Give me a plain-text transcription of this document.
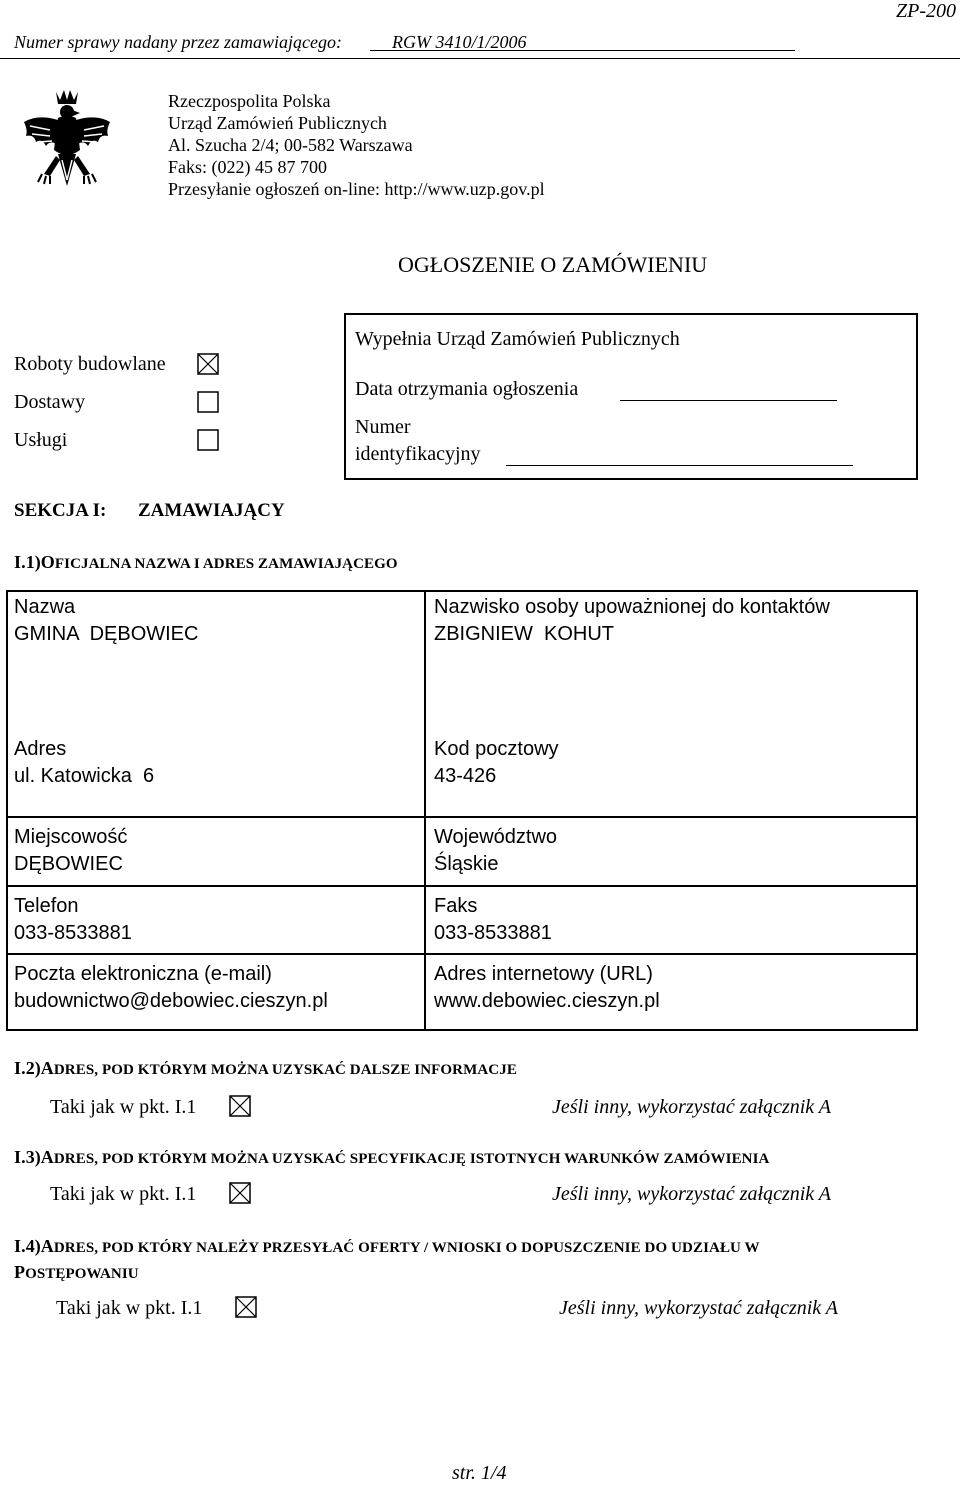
Numer sprawy nadany przez zamawiającego:	RGW 3410/1/2006
ZP-200
Rzeczpospolita Polska
Urząd Zamówień Publicznych
Al. Szucha 2/4; 00-582 Warszawa
Faks: (022) 45 87 700
Przesyłanie ogłoszeń on-line: http://www.uzp.gov.pl
OGŁOSZENIE O ZAMÓWIENIU
Roboty budowlane
Dostawy
Usługi
Wypełnia Urząd Zamówień Publicznych
Data otrzymania ogłoszenia
Numer
identyfikacyjny
SEKCJA I: ZAMAWIAJĄCY
I.1) OFICJALNA NAZWA I ADRES ZAMAWIAJĄCEGO
Nazwa
GMINA  DĘBOWIEC
Nazwisko osoby upoważnionej do kontaktów
ZBIGNIEW  KOHUT
Adres
ul. Katowicka  6
Kod pocztowy
43-426
Miejscowość
DĘBOWIEC
Województwo
Śląskie
Telefon
033-8533881
Faks
033-8533881
Poczta elektroniczna (e-mail)
budownictwo@debowiec.cieszyn.pl
Adres internetowy (URL)
www.debowiec.cieszyn.pl
I.2) ADRES, POD KTÓRYM MOŻNA UZYSKAĆ DALSZE INFORMACJE
Taki jak w pkt. I.1	Jeśli inny, wykorzystać załącznik A
I.3) ADRES, POD KTÓRYM MOŻNA UZYSKAĆ SPECYFIKACJĘ ISTOTNYCH WARUNKÓW ZAMÓWIENIA
Taki jak w pkt. I.1	Jeśli inny, wykorzystać załącznik A
I.4) ADRES, POD KTÓRY NALEŻY PRZESYŁAĆ OFERTY / WNIOSKI O DOPUSZCZENIE DO UDZIAŁU W
POSTĘPOWANIU
Taki jak w pkt. I.1	Jeśli inny, wykorzystać załącznik A
str. 1/4
